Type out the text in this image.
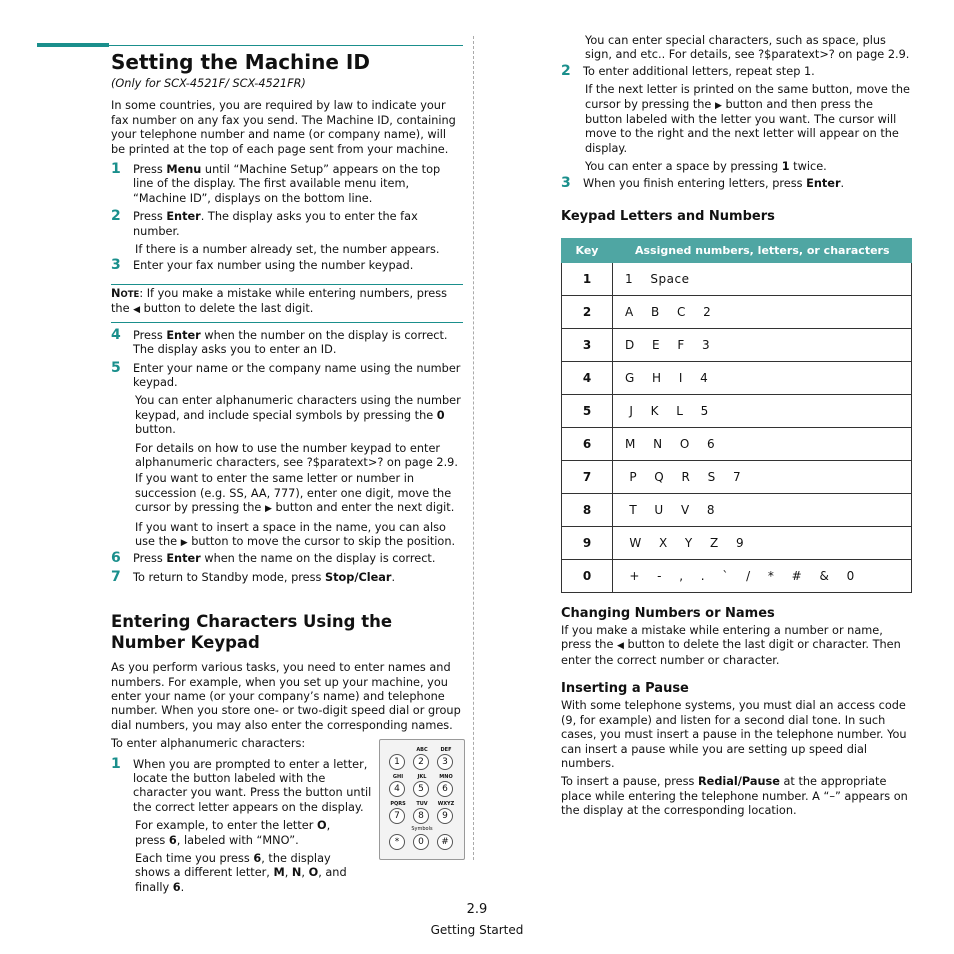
Setting the Machine ID

(Only for SCX-4521F/ SCX-4521FR)

In some countries, you are required by law to indicate your fax number on any fax you send. The Machine ID, containing your telephone number and name (or company name), will be printed at the top of each page sent from your machine.

1 Press Menu until “Machine Setup” appears on the top line of the display. The first available menu item, “Machine ID”, displays on the bottom line.
2 Press Enter. The display asks you to enter the fax number.

If there is a number already set, the number appears.

3 Enter your fax number using the number keypad.
NOTE: If you make a mistake while entering numbers, press the ◀ button to delete the last digit.
4 Press Enter when the number on the display is correct. The display asks you to enter an ID.
5 Enter your name or the company name using the number keypad.

You can enter alphanumeric characters using the number keypad, and include special symbols by pressing the 0 button.

For details on how to use the number keypad to enter alphanumeric characters, see ?$paratext>? on page 2.9.

If you want to enter the same letter or number in succession (e.g. SS, AA, 777), enter one digit, move the cursor by pressing the ▶ button and enter the next digit.

If you want to insert a space in the name, you can also use the ▶ button to move the cursor to skip the position.

6 Press Enter when the name on the display is correct.
7 To return to Standby mode, press Stop/Clear.
Entering Characters Using the
Number Keypad

As you perform various tasks, you need to enter names and numbers. For example, when you set up your machine, you enter your name (or your company’s name) and telephone number. When you store one- or two-digit speed dial or group dial numbers, you may also enter the corresponding names.

To enter alphanumeric characters:

1 When you are prompted to enter a letter, locate the button labeled with the character you want. Press the button until the correct letter appears on the display.

For example, to enter the letter O, press 6, labeled with “MNO”.

Each time you press 6, the display shows a different letter, M, N, O, and finally 6.

ABC	DEF
1	2	3
GHI	JKL	MNO
4	5	6
PQRS	TUV	WXYZ
7	8	9
Symbols
*	0	#

You can enter special characters, such as space, plus sign, and etc.. For details, see ?$paratext>? on page 2.9.

2 To enter additional letters, repeat step 1.

If the next letter is printed on the same button, move the cursor by pressing the ▶ button and then press the button labeled with the letter you want. The cursor will move to the right and the next letter will appear on the display.

You can enter a space by pressing 1 twice.

3 When you finish entering letters, press Enter.
Keypad Letters and Numbers
Key	Assigned numbers, letters, or characters
1	1    Space
2	A    B    C    2
3	D    E    F    3
4	G    H    I    4
5	J    K    L    5
6	M    N    O    6
7	P    Q    R    S    7
8	T    U    V    8
9	W    X    Y    Z    9
0	+    -    ,    .    `    /    *    #    &    0
Changing Numbers or Names

If you make a mistake while entering a number or name, press the ◀ button to delete the last digit or character. Then enter the correct number or character.

Inserting a Pause

With some telephone systems, you must dial an access code (9, for example) and listen for a second dial tone. In such cases, you must insert a pause in the telephone number. You can insert a pause while you are setting up speed dial numbers.

To insert a pause, press Redial/Pause at the appropriate place while entering the telephone number. A “–” appears on the display at the corresponding location.

2.9

Getting Started
